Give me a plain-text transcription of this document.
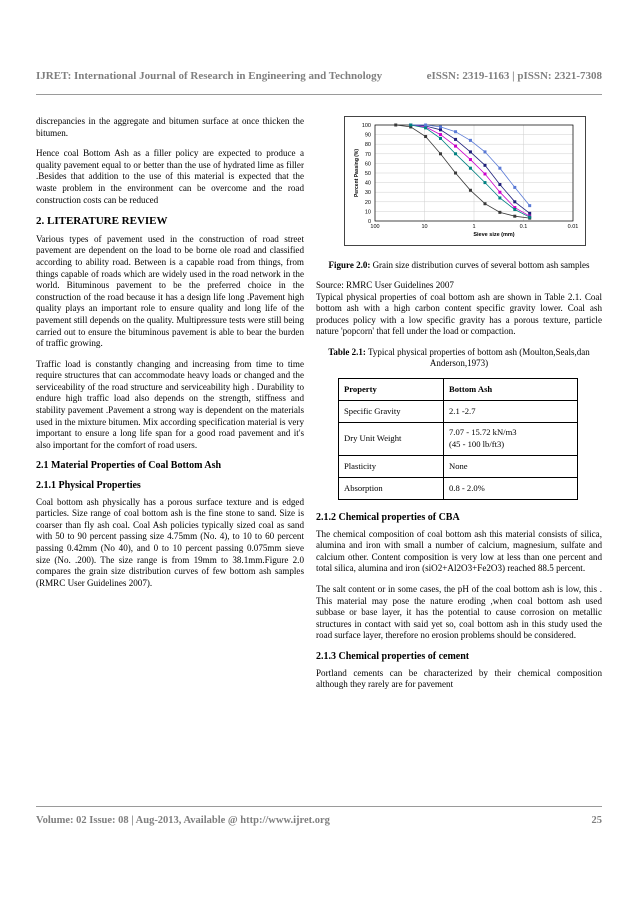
IJRET: International Journal of Research in Engineering and Technology	eISSN: 2319-1163 | pISSN: 2321-7308

discrepancies in the aggregate and bitumen surface at once thicken the bitumen.

Hence coal Bottom Ash as a filler policy are expected to produce a quality pavement equal to or better than the use of hydrated lime as filler .Besides that addition to the use of this material is expected that the waste problem in the environment can be overcome and the road construction costs can be reduced

2. LITERATURE REVIEW

Various types of pavement used in the construction of road street pavement are dependent on the load to be borne ole road and classified according to ability road. Between is a capable road from things, from things capable of roads which are widely used in the road network in the world. Bituminous pavement to be the preferred choice in the construction of the road because it has a design life long .Pavement high quality plays an important role to ensure quality and long life of the pavement still depends on the quality. Multipressure tests were still being carried out to ensure the bituminous pavement is able to bear the burden of traffic growing.

Traffic load is constantly changing and increasing from time to time require structures that can accommodate heavy loads or changed and the serviceability of the road structure and serviceability high . Durability to endure high traffic load also depends on the strength, stiffness and stability pavement .Pavement a strong way is dependent on the materials used in the mixture bitumen. Mix according specification material is very important to ensure a long life span for a good road pavement and it's also important for the comfort of road users.

2.1 Material Properties of Coal Bottom Ash
2.1.1 Physical Properties

Coal bottom ash physically has a porous surface texture and is edged particles. Size range of coal bottom ash is the fine stone to sand. Size is coarser than fly ash coal. Coal Ash policies typically sized coal as sand with 50 to 90 percent passing size 4.75mm (No. 4), to 10 to 60 percent passing 0.42mm (No 40), and 0 to 10 percent passing 0.075mm sieve size (No. .200). The size range is from 19mm to 38.1mm.Figure 2.0 compares the grain size distribution curves of few bottom ash samples (RMRC User Guidelines 2007).

0
10
20
30
40
50
60
70
80
90
100
100	10	1	0.1	0.01
Sieve size (mm)
Percent Passing (%)

Figure 2.0: Grain size distribution curves of several bottom ash samples

Source: RMRC User Guidelines 2007

Typical physical properties of coal bottom ash are shown in Table 2.1. Coal bottom ash with a high carbon content specific gravity lower. Coal ash produces policy with a low specific gravity has a porous texture, particle nature 'popcorn' that fell under the load or compaction.

Table 2.1: Typical physical properties of bottom ash (Moulton,Seals,dan Anderson,1973)

Property	Bottom Ash
Specific Gravity	2.1 -2.7
Dry Unit Weight	7.07 - 15.72 kN/m3
(45 - 100 lb/ft3)

Plasticity	None
Absorption	0.8 - 2.0%
2.1.2 Chemical properties of CBA

The chemical composition of coal bottom ash this material consists of silica, alumina and iron with small a number of calcium, magnesium, sulfate and calcium other. Content composition is very low at less than one percent and total silica, alumina and iron (siO2+Al2O3+Fe2O3) reached 88.5 percent.

The salt content or in some cases, the pH of the coal bottom ash is low, this . This material may pose the nature eroding ,when coal bottom ash used subbase or base layer, it has the potential to cause corrosion on metallic structures in contact with said yet so, coal bottom ash in this study used the road surface layer, therefore no erosion problems should be considered.

2.1.3 Chemical properties of cement

Portland cements can be characterized by their chemical composition although they rarely are for pavement

Volume: 02 Issue: 08 | Aug-2013, Available @ http://www.ijret.org	25
